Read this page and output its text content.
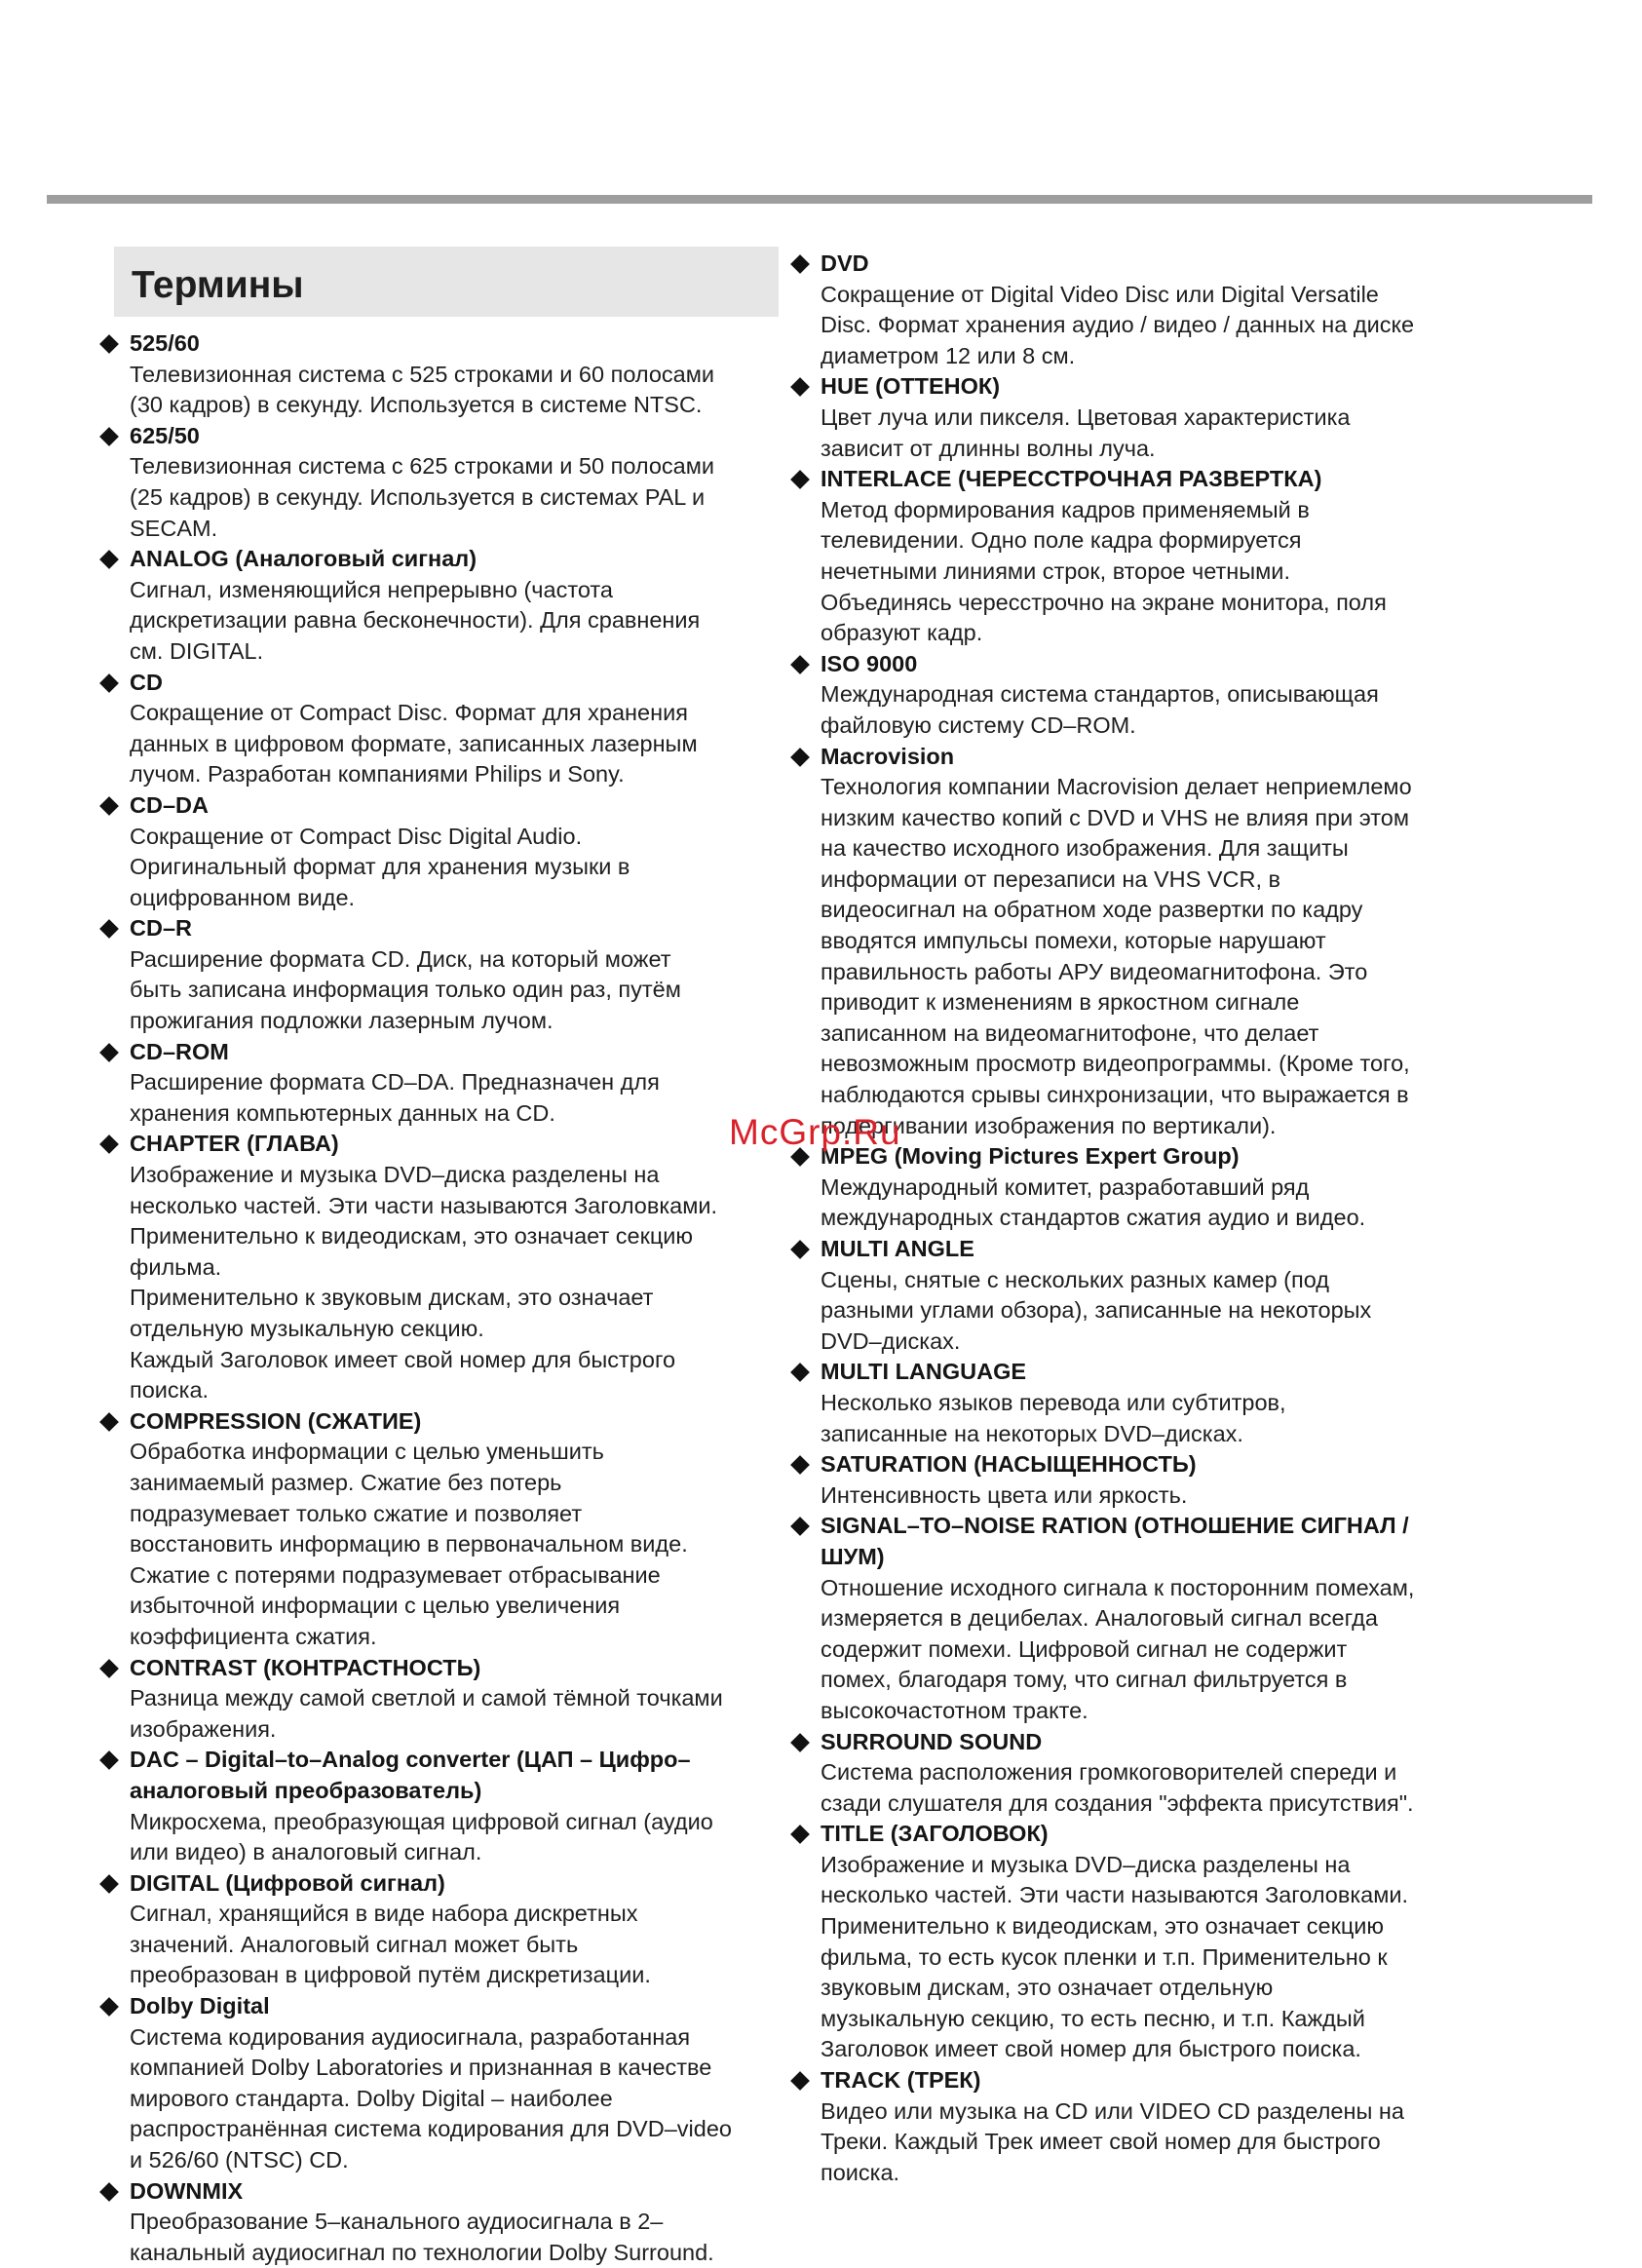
Термины
525/60
Телевизионная система с 525 строками и 60 полосами
(30 кадров) в секунду. Используется в системе NTSC.
625/50
Телевизионная система с 625 строками и 50 полосами
(25 кадров) в секунду. Используется в системах PAL и
SECAM.
ANALOG (Аналоговый сигнал)
Сигнал, изменяющийся непрерывно (частота
дискретизации равна бесконечности). Для сравнения
см. DIGITAL.
CD
Сокращение от Compact Disc. Формат для хранения
данных в цифровом формате, записанных лазерным
лучом. Разработан компаниями Philips и Sony.
CD–DA
Сокращение от Compact Disc Digital Audio.
Оригинальный формат для хранения музыки в
оцифрованном виде.
CD–R
Расширение формата CD. Диск, на который может
быть записана информация только один раз, путём
прожигания подложки лазерным лучом.
CD–ROM
Расширение формата CD–DA. Предназначен для
хранения компьютерных данных на CD.
CHAPTER (ГЛАВА)
Изображение и музыка DVD–диска разделены на
несколько частей. Эти части называются Заголовками.
Применительно к видеодискам, это означает секцию
фильма.
Применительно к звуковым дискам, это означает
отдельную музыкальную секцию.
Каждый Заголовок имеет свой номер для быстрого
поиска.
COMPRESSION (СЖАТИЕ)
Обработка информации с целью уменьшить
занимаемый размер. Сжатие без потерь
подразумевает только сжатие и позволяет
восстановить информацию в первоначальном виде.
Сжатие с потерями подразумевает отбрасывание
избыточной информации с целью увеличения
коэффициента сжатия.
CONTRAST (КОНТРАСТНОСТЬ)
Разница между самой светлой и самой тёмной точками
изображения.
DAC – Digital–to–Analog converter (ЦАП – Цифро–
аналоговый преобразователь)
Микросхема, преобразующая цифровой сигнал (аудио
или видео) в аналоговый сигнал.
DIGITAL (Цифровой сигнал)
Сигнал, хранящийся в виде набора дискретных
значений. Аналоговый сигнал может быть
преобразован в цифровой путём дискретизации.
Dolby Digital
Система кодирования аудиосигнала, разработанная
компанией Dolby Laboratories и признанная в качестве
мирового стандарта. Dolby Digital – наиболее
распространённая система кодирования для DVD–video
и 526/60 (NTSC) CD.
DOWNMIX
Преобразование 5–канального аудиосигнала в 2–
канальный аудиосигнал по технологии Dolby Surround.
DVD
Сокращение от Digital Video Disc или Digital Versatile
Disc. Формат хранения аудио / видео / данных на диске
диаметром 12 или 8 см.
HUE (ОТТЕНОК)
Цвет луча или пикселя. Цветовая характеристика
зависит от длинны волны луча.
INTERLACE (ЧЕРЕССТРОЧНАЯ РАЗВЕРТКА)
Метод формирования кадров применяемый в
телевидении. Одно поле кадра формируется
нечетными линиями строк, второе четными.
Объединясь чересстрочно на экране монитора, поля
образуют кадр.
ISO 9000
Международная система стандартов, описывающая
файловую систему CD–ROM.
Macrovision
Технология компании Macrovision делает неприемлемо
низким качество копий с DVD и VHS не влияя при этом
на качество исходного изображения. Для защиты
информации от перезаписи на VHS VCR, в
видеосигнал на обратном ходе развертки по кадру
вводятся импульсы помехи, которые нарушают
правильность работы АРУ видеомагнитофона. Это
приводит к изменениям в яркостном сигнале
записанном на видеомагнитофоне, что делает
невозможным просмотр видеопрограммы. (Кроме того,
наблюдаются срывы синхронизации, что выражается в
подергивании изображения по вертикали).
MPEG (Moving Pictures Expert Group)
Международный комитет, разработавший ряд
международных стандартов сжатия аудио и видео.
MULTI ANGLE
Сцены, снятые с нескольких разных камер (под
разными углами обзора), записанные на некоторых
DVD–дисках.
MULTI LANGUAGE
Несколько языков перевода или субтитров,
записанные на некоторых DVD–дисках.
SATURATION (НАСЫЩЕННОСТЬ)
Интенсивность цвета или яркость.
SIGNAL–TO–NOISE RATION (ОТНОШЕНИЕ СИГНАЛ /
ШУМ)
Отношение исходного сигнала к посторонним помехам,
измеряется в децибелах. Аналоговый сигнал всегда
содержит помехи. Цифровой сигнал не содержит
помех, благодаря тому, что сигнал фильтруется в
высокочастотном тракте.
SURROUND SOUND
Система расположения громкоговорителей спереди и
сзади слушателя для создания "эффекта присутствия".
TITLE (ЗАГОЛОВОК)
Изображение и музыка DVD–диска разделены на
несколько частей. Эти части называются Заголовками.
Применительно к видеодискам, это означает секцию
фильма, то есть кусок пленки и т.п. Применительно к
звуковым дискам, это означает отдельную
музыкальную секцию, то есть песню, и т.п. Каждый
Заголовок имеет свой номер для быстрого поиска.
TRACK (ТРЕК)
Видео или музыка на CD или VIDEO CD разделены на
Треки. Каждый Трек имеет свой номер для быстрого
поиска.
McGrp.Ru
